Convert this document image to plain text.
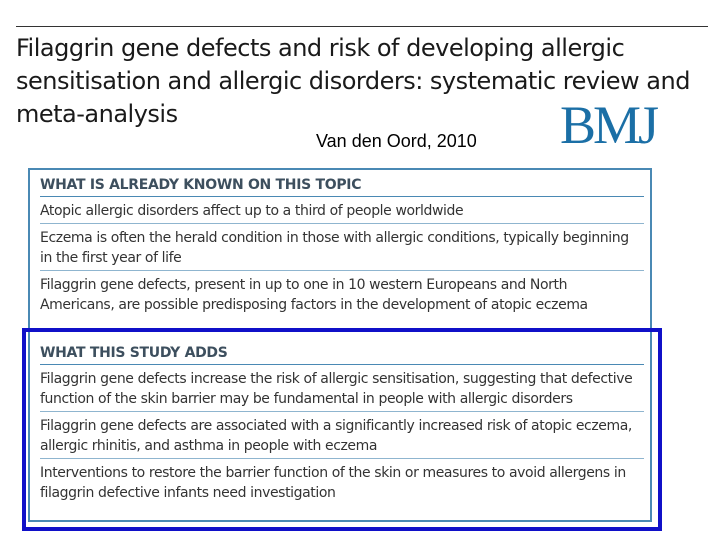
Filaggrin gene defects and risk of developing allergic sensitisation and allergic disorders: systematic review and meta-analysis
Van den Oord, 2010 BMJ
WHAT IS ALREADY KNOWN ON THIS TOPIC
Atopic allergic disorders affect up to a third of people worldwide
Eczema is often the herald condition in those with allergic conditions, typically beginning in the first year of life
Filaggrin gene defects, present in up to one in 10 western Europeans and North Americans, are possible predisposing factors in the development of atopic eczema
WHAT THIS STUDY ADDS
Filaggrin gene defects increase the risk of allergic sensitisation, suggesting that defective function of the skin barrier may be fundamental in people with allergic disorders
Filaggrin gene defects are associated with a significantly increased risk of atopic eczema, allergic rhinitis, and asthma in people with eczema
Interventions to restore the barrier function of the skin or measures to avoid allergens in filaggrin defective infants need investigation
